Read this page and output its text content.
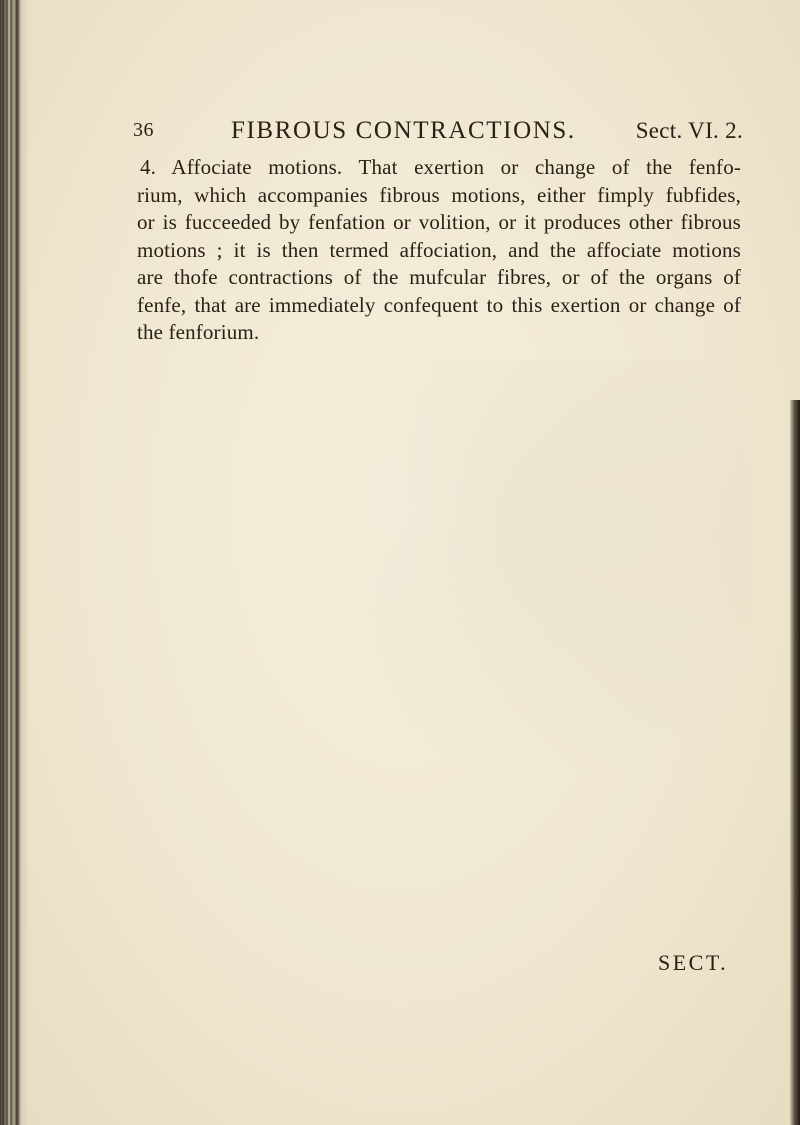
36	FIBROUS CONTRACTIONS.	Sect. VI. 2.
4. Affociate motions. That exertion or change of the fenfo-
rium, which accompanies fibrous motions, either fimply fubfides,
or is fucceeded by fenfation or volition, or it produces other fibrous
motions ; it is then termed affociation, and the affociate motions
are thofe contractions of the mufcular fibres, or of the organs of
fenfe, that are immediately confequent to this exertion or change of
the fenforium.
SECT.
